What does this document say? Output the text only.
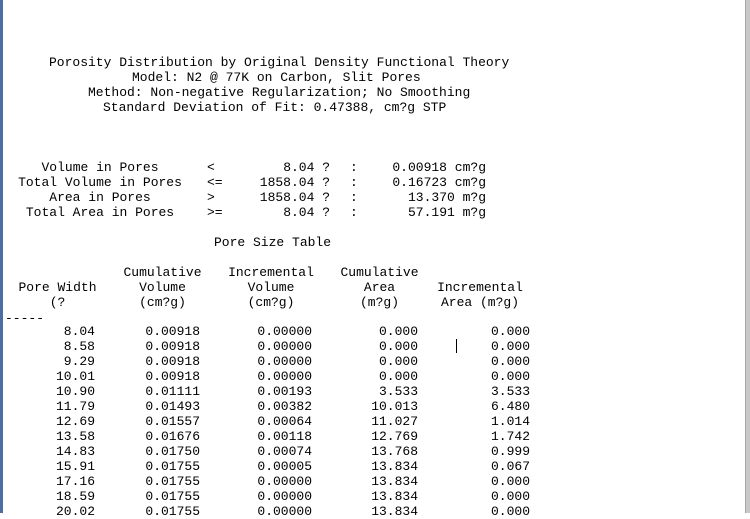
Porosity Distribution by Original Density Functional Theory
Model: N2 @ 77K on Carbon, Slit Pores
Method: Non-negative Regularization; No Smoothing
Standard Deviation of Fit: 0.47388, cm?g STP
Volume in Pores	<	8.04 ? :	0.00918 cm?g
Total Volume in Pores	<=	1858.04 ? :	0.16723 cm?g
Area in Pores	>	1858.04 ? :	13.370 m?g
Total Area in Pores	>=	8.04 ? :	57.191 m?g
Pore Size Table
Pore Width
(?
Cumulative
Volume
(cm?g)
Incremental
Volume
(cm?g)
Cumulative
Area
(m?g)
Incremental
Area (m?g)
-----
8.04	0.00918	0.00000	0.000	0.000
8.58	0.00918	0.00000	0.000	0.000
9.29	0.00918	0.00000	0.000	0.000
10.01	0.00918	0.00000	0.000	0.000
10.90	0.01111	0.00193	3.533	3.533
11.79	0.01493	0.00382	10.013	6.480
12.69	0.01557	0.00064	11.027	1.014
13.58	0.01676	0.00118	12.769	1.742
14.83	0.01750	0.00074	13.768	0.999
15.91	0.01755	0.00005	13.834	0.067
17.16	0.01755	0.00000	13.834	0.000
18.59	0.01755	0.00000	13.834	0.000
20.02	0.01755	0.00000	13.834	0.000
